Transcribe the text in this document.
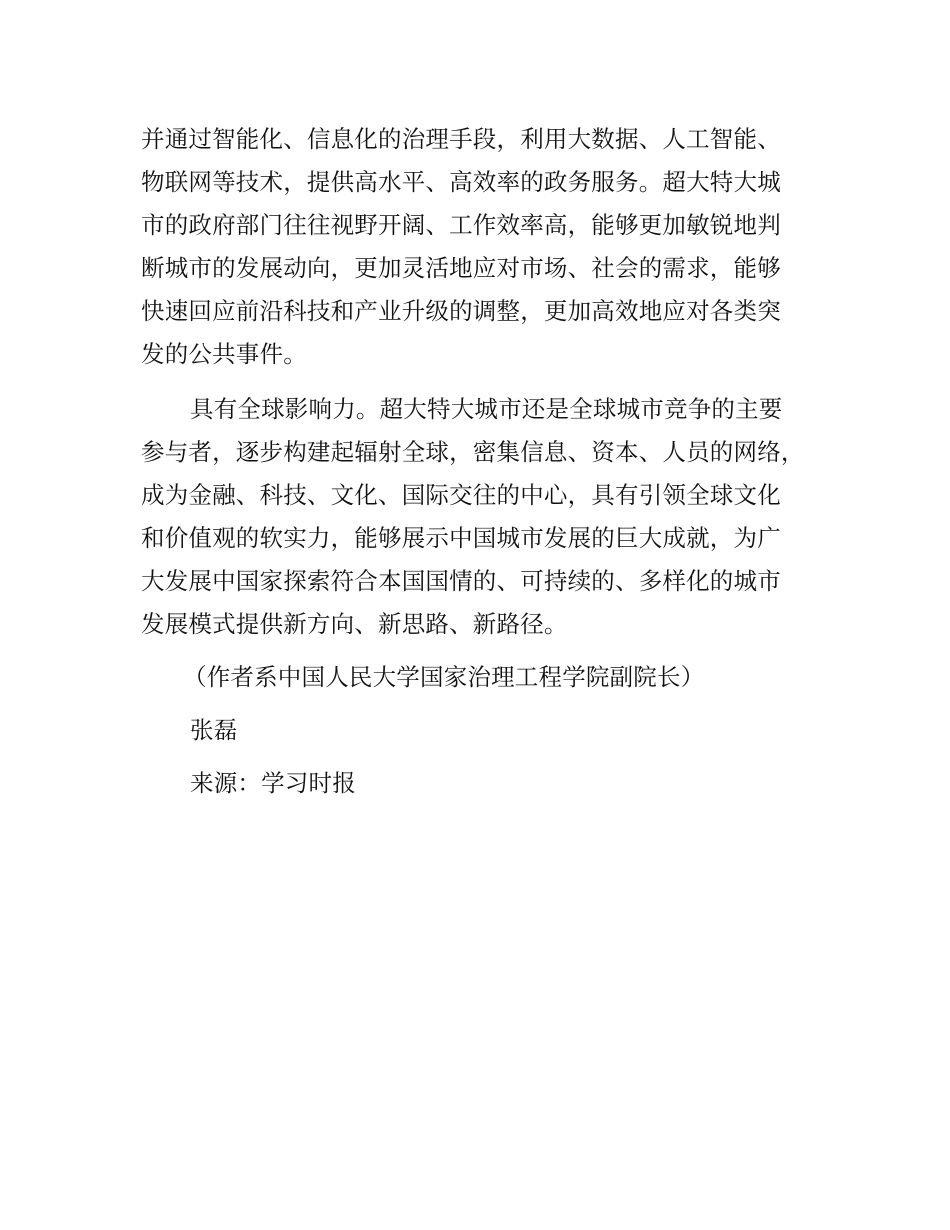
并通过智能化、信息化的治理手段，利用大数据、人工智能、
物联网等技术，提供高水平、高效率的政务服务。超大特大城
市的政府部门往往视野开阔、工作效率高，能够更加敏锐地判
断城市的发展动向，更加灵活地应对市场、社会的需求，能够
快速回应前沿科技和产业升级的调整，更加高效地应对各类突
发的公共事件。
具有全球影响力。超大特大城市还是全球城市竞争的主要
参与者，逐步构建起辐射全球，密集信息、资本、人员的网络，
成为金融、科技、文化、国际交往的中心，具有引领全球文化
和价值观的软实力，能够展示中国城市发展的巨大成就，为广
大发展中国家探索符合本国国情的、可持续的、多样化的城市
发展模式提供新方向、新思路、新路径。
（作者系中国人民大学国家治理工程学院副院长）
张磊
来源：学习时报
